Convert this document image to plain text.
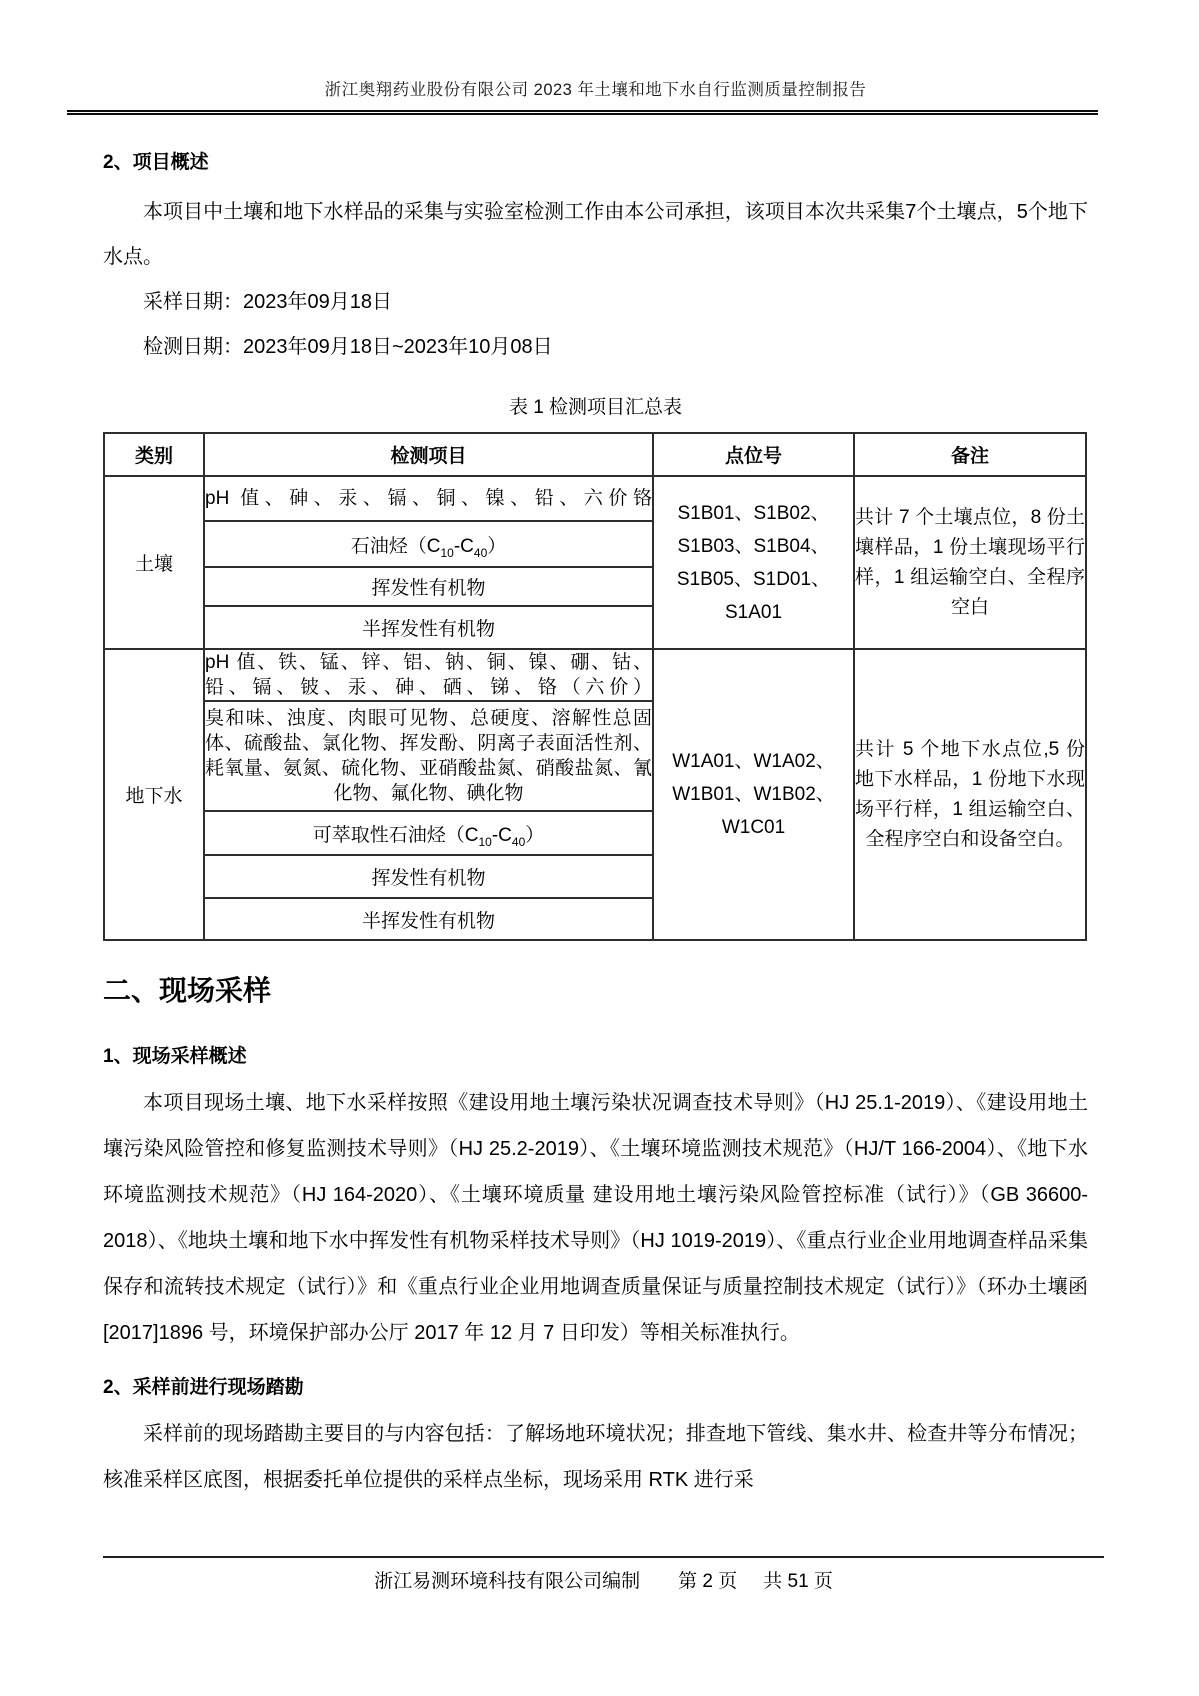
浙江奥翔药业股份有限公司 2023 年土壤和地下水自行监测质量控制报告
2、项目概述

本项目中土壤和地下水样品的采集与实验室检测工作由本公司承担，该项目本次共采集7个土壤点，5个地下水点。

采样日期：2023年09月18日

检测日期：2023年09月18日~2023年10月08日

表 1 检测项目汇总表
类别	检测项目	点位号	备注
土壤	pH 值、砷、汞、镉、铜、镍、铅、六价铬	S1B01、S1B02、S1B03、S1B04、S1B05、S1D01、S1A01	共计 7 个土壤点位，8 份土壤样品，1 份土壤现场平行样，1 组运输空白、全程序空白
	石油烃$(C_{10}-C_{40})$		
	挥发性有机物		
	半挥发性有机物		
地下水	pH 值、铁、锰、锌、铝、钠、铜、镍、硼、钴、铅、镉、铍、汞、砷、硒、锑、铬（六价）	W1A01、W1A02、W1B01、W1B02、W1C01	共计 5 个地下水点位,5 份地下水样品，1 份地下水现场平行样，1 组运输空白、全程序空白和设备空白。
	臭和味、浊度、肉眼可见物、总硬度、溶解性总固体、硫酸盐、氯化物、挥发酚、阴离子表面活性剂、耗氧量、氨氮、硫化物、亚硝酸盐氮、硝酸盐氮、氰化物、氟化物、碘化物		
	可萃取性石油烃$(C_{10}-C_{40})$		
	挥发性有机物		
	半挥发性有机物		
二、现场采样
1、现场采样概述

本项目现场土壤、地下水采样按照《建设用地土壤污染状况调查技术导则》（HJ 25.1-2019）、《建设用地土壤污染风险管控和修复监测技术导则》（HJ 25.2-2019）、《土壤环境监测技术规范》（HJ/T 166-2004）、《地下水环境监测技术规范》（HJ 164-2020）、《土壤环境质量 建设用地土壤污染风险管控标准（试行）》（GB 36600-2018）、《地块土壤和地下水中挥发性有机物采样技术导则》（HJ 1019-2019）、《重点行业企业用地调查样品采集保存和流转技术规定（试行）》和《重点行业企业用地调查质量保证与质量控制技术规定（试行）》（环办土壤函[2017]1896 号，环境保护部办公厅 2017 年 12 月 7 日印发）等相关标准执行。

2、采样前进行现场踏勘

采样前的现场踏勘主要目的与内容包括：了解场地环境状况；排查地下管线、集水井、检查井等分布情况；核准采样区底图，根据委托单位提供的采样点坐标，现场采用 RTK 进行采

浙江易测环境科技有限公司编制 第 2 页 共 51 页
